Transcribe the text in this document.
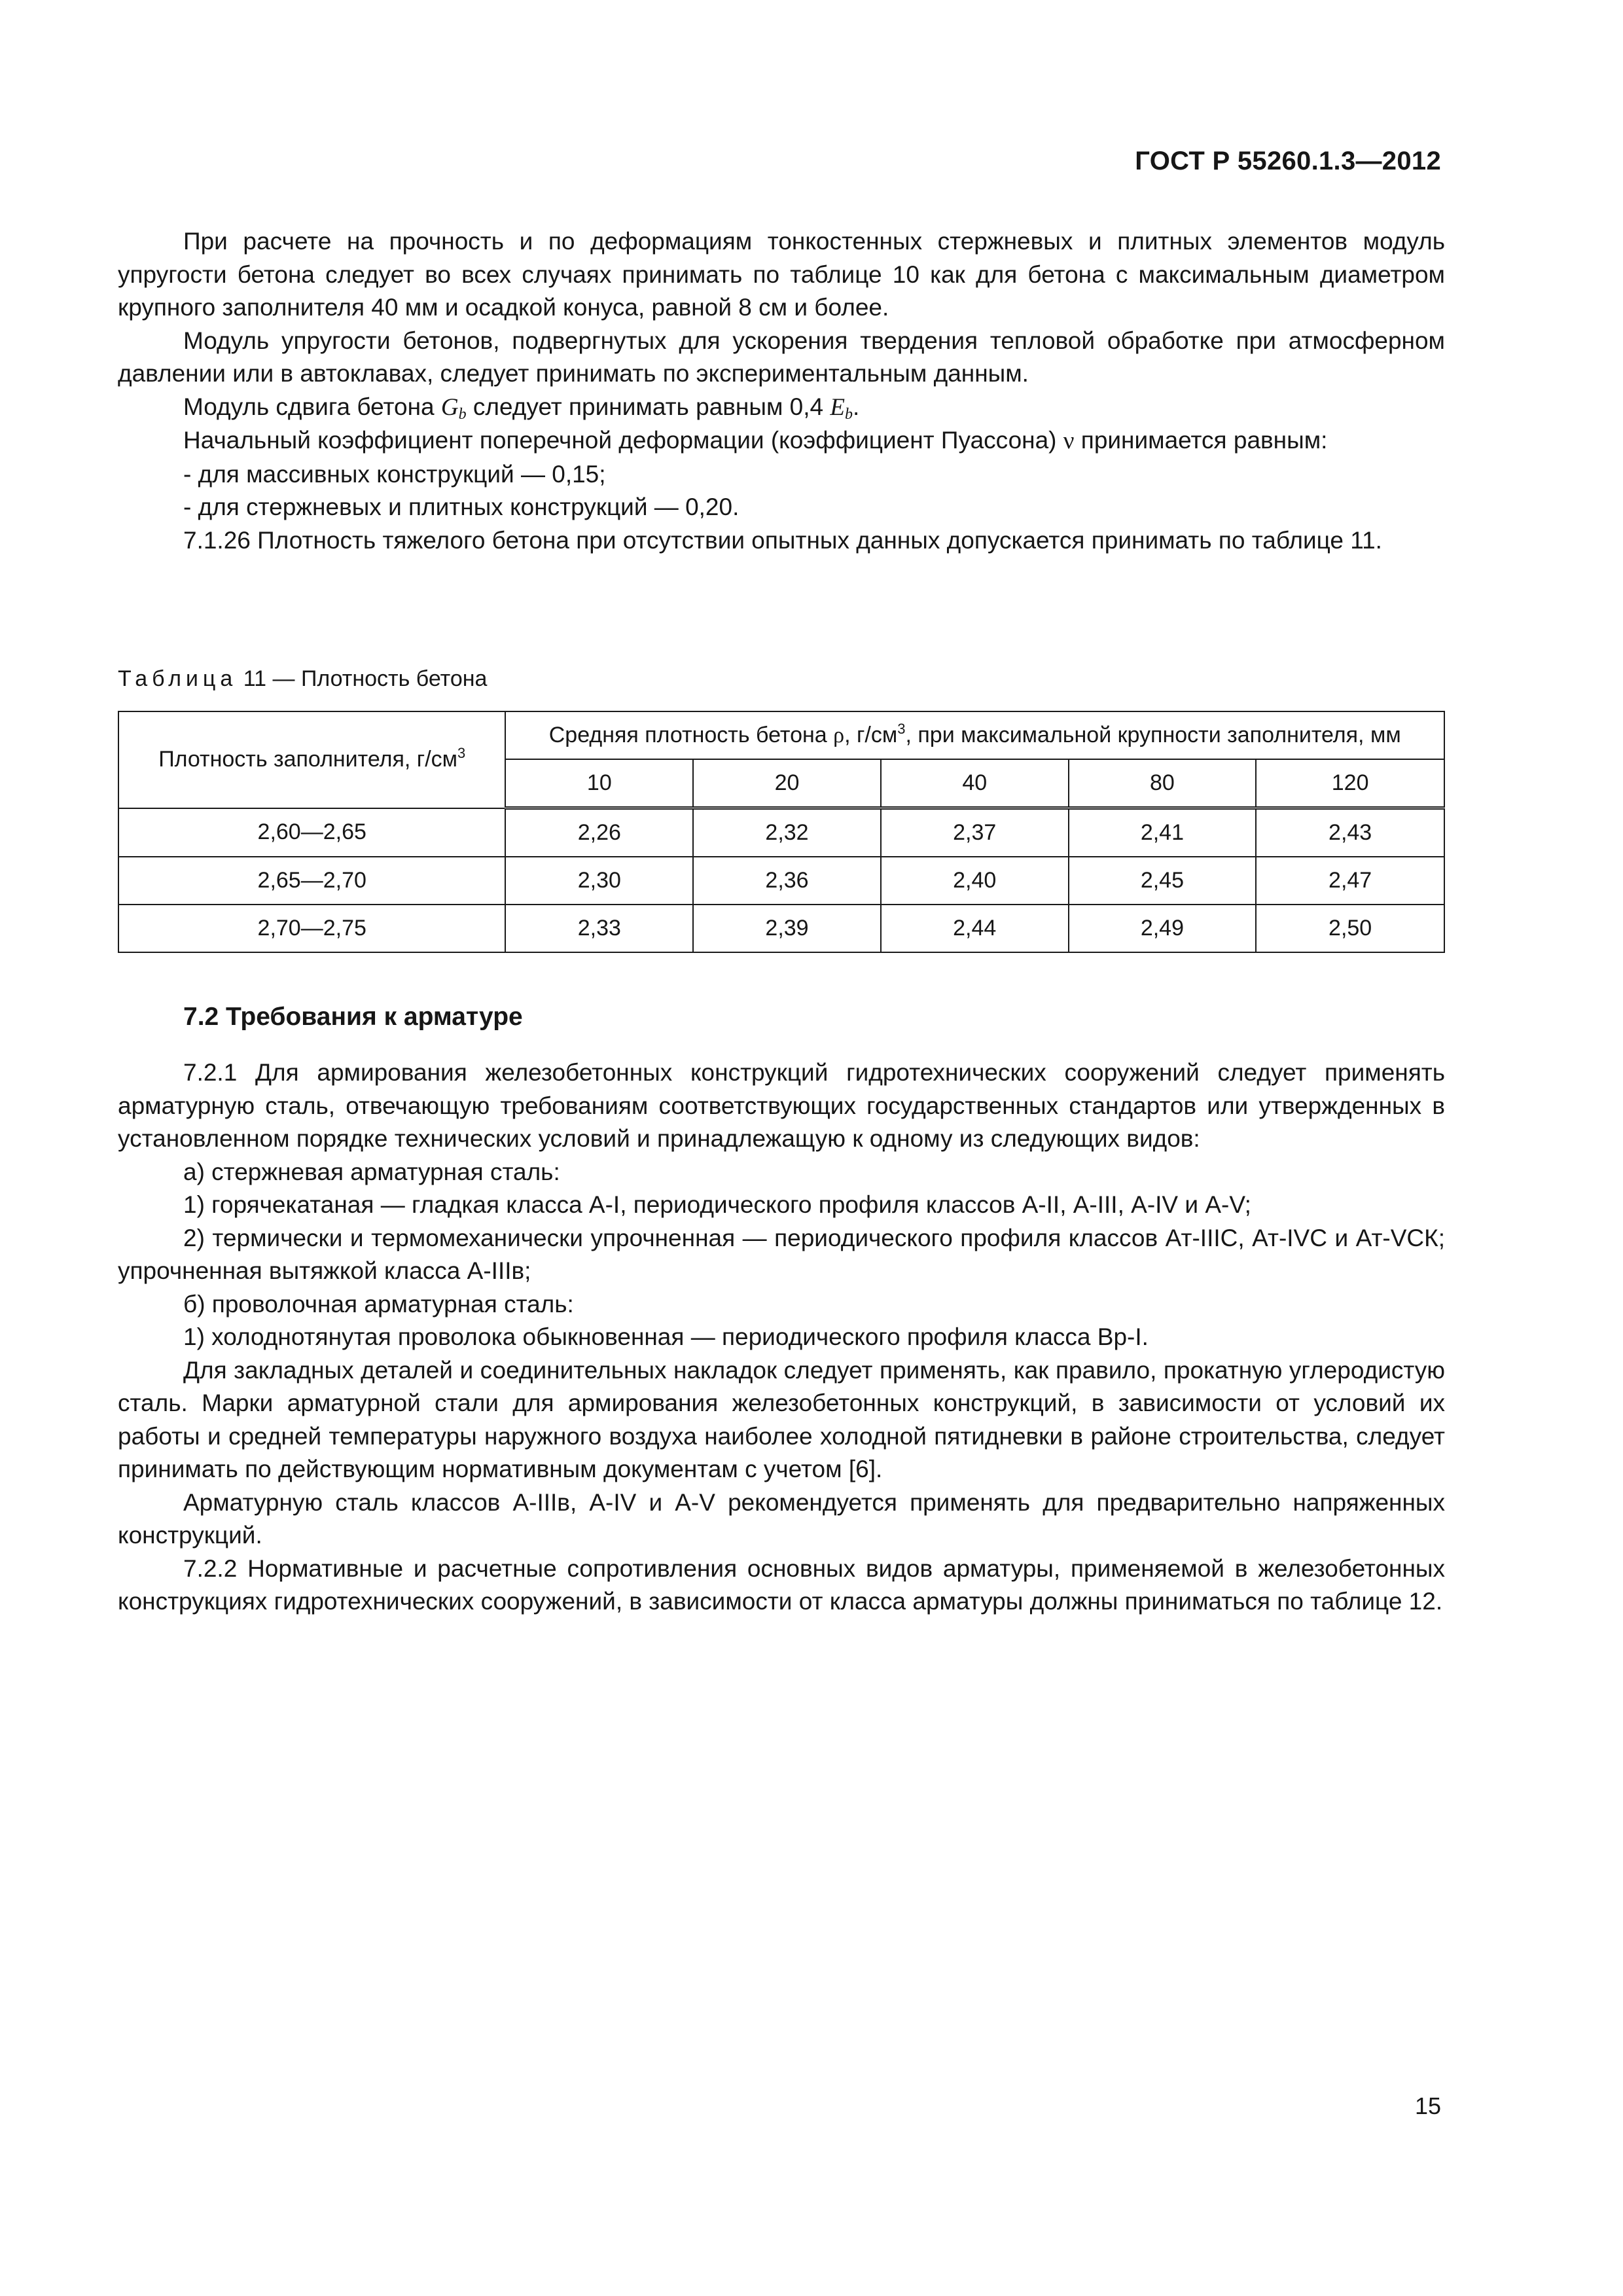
ГОСТ Р 55260.1.3—2012

При расчете на прочность и по деформациям тонкостенных стержневых и плитных элементов модуль упругости бетона следует во всех случаях принимать по таблице 10 как для бетона с максимальным диаметром крупного заполнителя 40 мм и осадкой конуса, равной 8 см и более.

Модуль упругости бетонов, подвергнутых для ускорения твердения тепловой обработке при атмосферном давлении или в автоклавах, следует принимать по экспериментальным данным.

Модуль сдвига бетона $G_b$ следует принимать равным 0,4 $E_b$.

Начальный коэффициент поперечной деформации (коэффициент Пуассона) ν принимается равным:

- для массивных конструкций — 0,15;

- для стержневых и плитных конструкций — 0,20.

7.1.26 Плотность тяжелого бетона при отсутствии опытных данных допускается принимать по таблице 11.

Таблица 11 — Плотность бетона
Плотность заполнителя, $г/см^3$	Средняя плотность бетона ρ, $г/см^3$, при максимальной крупности заполнителя, мм				
	10	20	40	80	120
2,60—2,65	2,26	2,32	2,37	2,41	2,43
2,65—2,70	2,30	2,36	2,40	2,45	2,47
2,70—2,75	2,33	2,39	2,44	2,49	2,50
7.2 Требования к арматуре

7.2.1 Для армирования железобетонных конструкций гидротехнических сооружений следует применять арматурную сталь, отвечающую требованиям соответствующих государственных стандартов или утвержденных в установленном порядке технических условий и принадлежащую к одному из следующих видов:

а) стержневая арматурная сталь:

1) горячекатаная — гладкая класса А-I, периодического профиля классов А-II, А-III, А-IV и А-V;

2) термически и термомеханически упрочненная — периодического профиля классов Ат-IIIС, Ат-IVС и Ат-VСК; упрочненная вытяжкой класса А-IIIв;

б) проволочная арматурная сталь:

1) холоднотянутая проволока обыкновенная — периодического профиля класса Вр-I.

Для закладных деталей и соединительных накладок следует применять, как правило, прокатную углеродистую сталь. Марки арматурной стали для армирования железобетонных конструкций, в зависимости от условий их работы и средней температуры наружного воздуха наиболее холодной пятидневки в районе строительства, следует принимать по действующим нормативным документам с учетом [6].

Арматурную сталь классов А-IIIв, А-IV и А-V рекомендуется применять для предварительно напряженных конструкций.

7.2.2 Нормативные и расчетные сопротивления основных видов арматуры, применяемой в железобетонных конструкциях гидротехнических сооружений, в зависимости от класса арматуры должны приниматься по таблице 12.

15
